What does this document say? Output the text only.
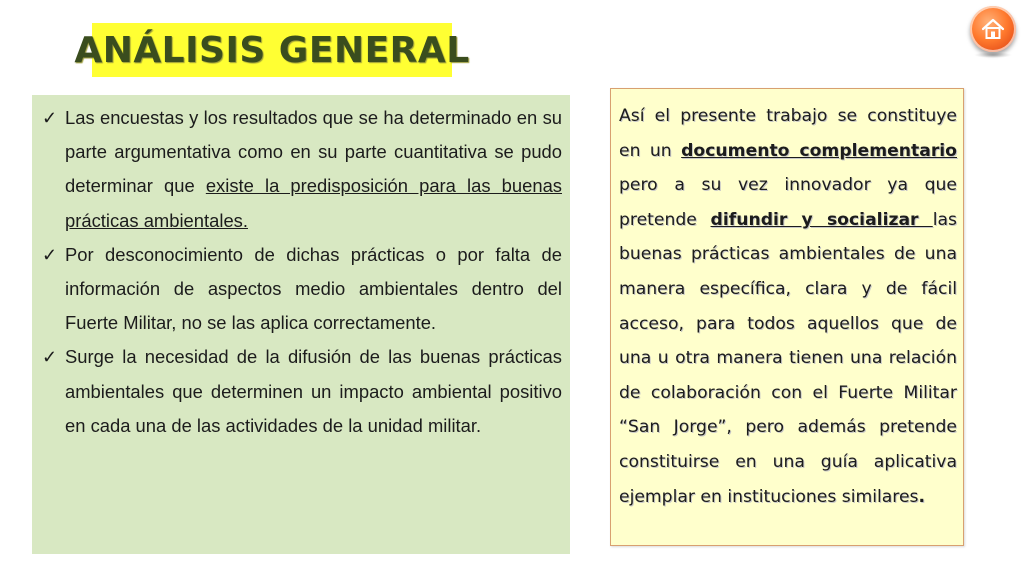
ANÁLISIS GENERAL
✓ Las encuestas y los resultados que se ha determinado en su parte argumentativa como en su parte cuantitativa se pudo determinar que existe la predisposición para las buenas prácticas ambientales.
✓ Por desconocimiento de dichas prácticas o por falta de información de aspectos medio ambientales dentro del Fuerte Militar, no se las aplica correctamente.
✓ Surge la necesidad de la difusión de las buenas prácticas ambientales que determinen un impacto ambiental positivo en cada una de las actividades de la unidad militar.

Así el presente trabajo se constituye en un documento complementario pero a su vez innovador ya que pretende difundir y socializar las buenas prácticas ambientales de una manera específica, clara y de fácil acceso, para todos aquellos que de una u otra manera tienen una relación de colaboración con el Fuerte Militar “San Jorge”, pero además pretende constituirse en una guía aplicativa ejemplar en instituciones similares.
